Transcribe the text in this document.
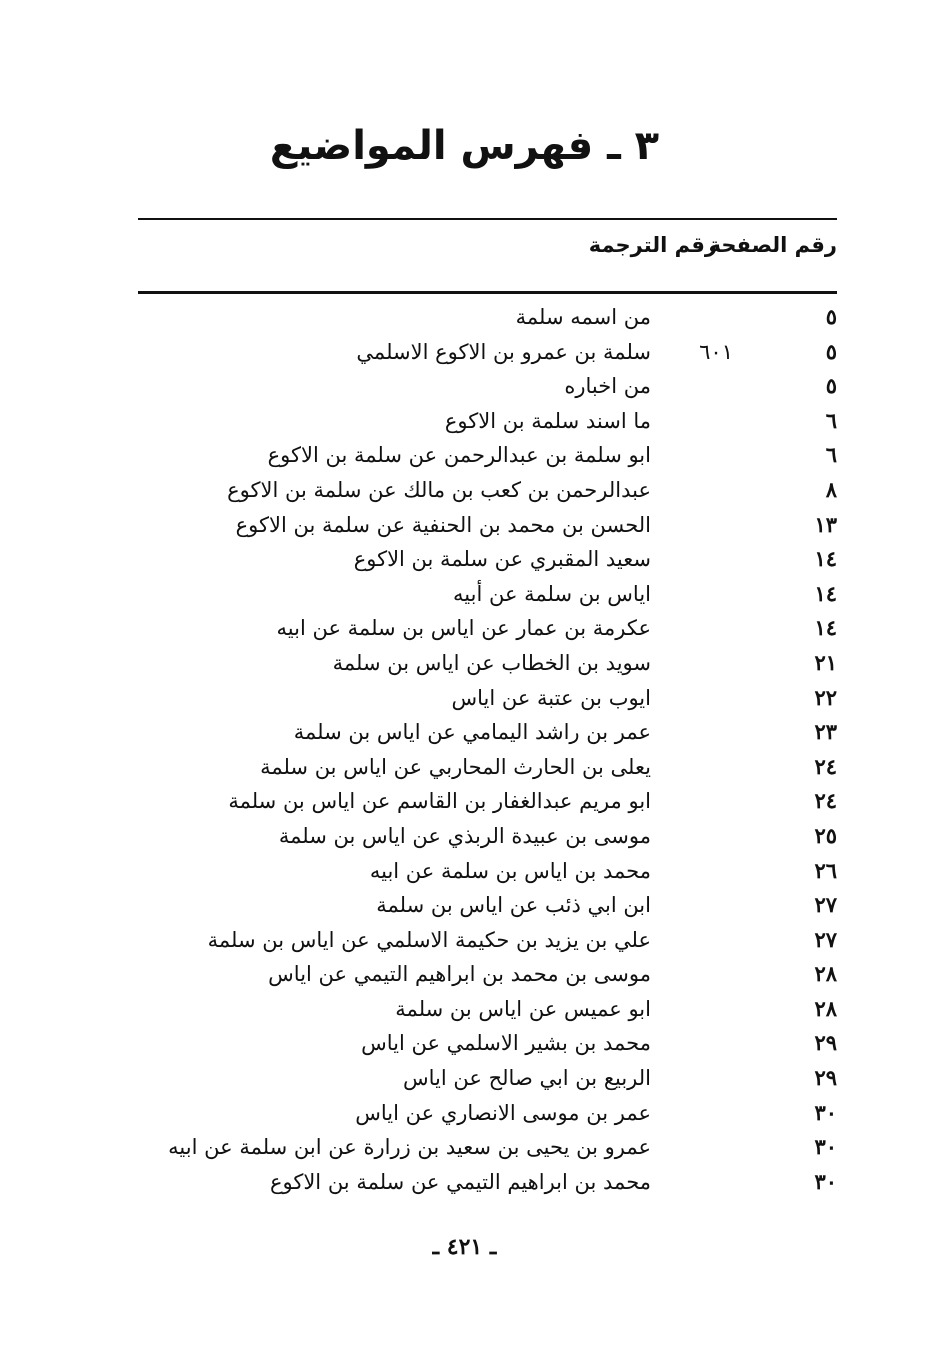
٣ ـ فهرس المواضيع
رقم الصفحة
رقم الترجمة
٥
من اسمه سلمة
٥
٦٠١
سلمة بن عمرو بن الاكوع الاسلمي
٥
من اخباره
٦
ما اسند سلمة بن الاكوع
٦
ابو سلمة بن عبدالرحمن عن سلمة بن الاكوع
٨
عبدالرحمن بن كعب بن مالك عن سلمة بن الاكوع
١٣
الحسن بن محمد بن الحنفية عن سلمة بن الاكوع
١٤
سعيد المقبري عن سلمة بن الاكوع
١٤
اياس بن سلمة عن أبيه
١٤
عكرمة بن عمار عن اياس بن سلمة عن ابيه
٢١
سويد بن الخطاب عن اياس بن سلمة
٢٢
ايوب بن عتبة عن اياس
٢٣
عمر بن راشد اليمامي عن اياس بن سلمة
٢٤
يعلى بن الحارث المحاربي عن اياس بن سلمة
٢٤
ابو مريم عبدالغفار بن القاسم عن اياس بن سلمة
٢٥
موسى بن عبيدة الربذي عن اياس بن سلمة
٢٦
محمد بن اياس بن سلمة عن ابيه
٢٧
ابن ابي ذئب عن اياس بن سلمة
٢٧
علي بن يزيد بن حكيمة الاسلمي عن اياس بن سلمة
٢٨
موسى بن محمد بن ابراهيم التيمي عن اياس
٢٨
ابو عميس عن اياس بن سلمة
٢٩
محمد بن بشير الاسلمي عن اياس
٢٩
الربيع بن ابي صالح عن اياس
٣٠
عمر بن موسى الانصاري عن اياس
٣٠
عمرو بن يحيى بن سعيد بن زرارة عن ابن سلمة عن ابيه
٣٠
محمد بن ابراهيم التيمي عن سلمة بن الاكوع
ـ ٤٢١ ـ
